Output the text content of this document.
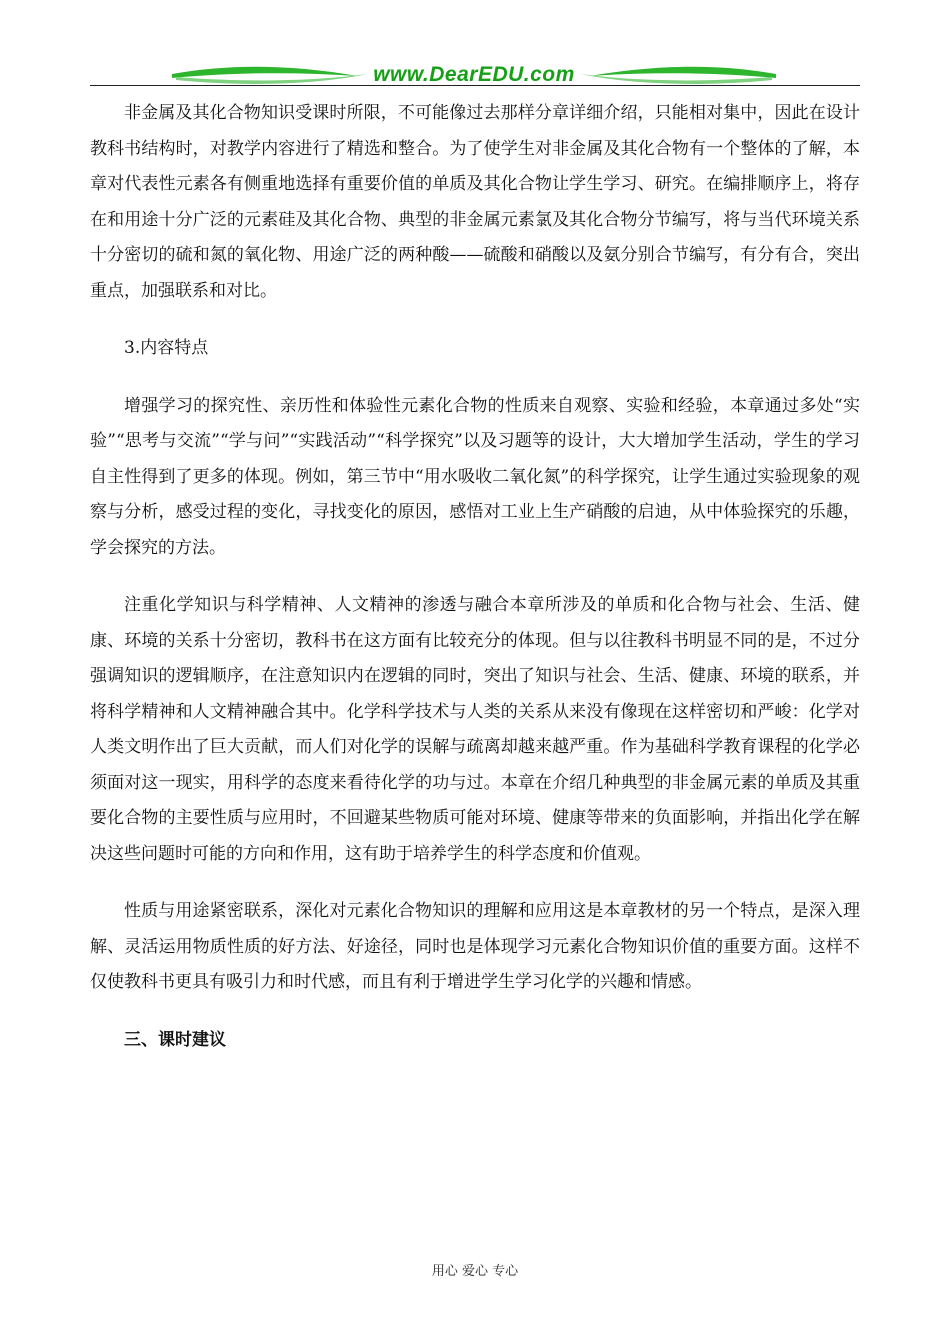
www.DearEDU.com

非金属及其化合物知识受课时所限，不可能像过去那样分章详细介绍，只能相对集中，因此在设计教科书结构时，对教学内容进行了精选和整合。为了使学生对非金属及其化合物有一个整体的了解，本章对代表性元素各有侧重地选择有重要价值的单质及其化合物让学生学习、研究。在编排顺序上，将存在和用途十分广泛的元素硅及其化合物、典型的非金属元素氯及其化合物分节编写，将与当代环境关系十分密切的硫和氮的氧化物、用途广泛的两种酸——硫酸和硝酸以及氨分别合节编写，有分有合，突出重点，加强联系和对比。

3.内容特点

增强学习的探究性、亲历性和体验性元素化合物的性质来自观察、实验和经验，本章通过多处“实验”“思考与交流”“学与问”“实践活动”“科学探究”以及习题等的设计，大大增加学生活动，学生的学习自主性得到了更多的体现。例如，第三节中“用水吸收二氧化氮”的科学探究，让学生通过实验现象的观察与分析，感受过程的变化，寻找变化的原因，感悟对工业上生产硝酸的启迪，从中体验探究的乐趣，学会探究的方法。

注重化学知识与科学精神、人文精神的渗透与融合本章所涉及的单质和化合物与社会、生活、健康、环境的关系十分密切，教科书在这方面有比较充分的体现。但与以往教科书明显不同的是，不过分强调知识的逻辑顺序，在注意知识内在逻辑的同时，突出了知识与社会、生活、健康、环境的联系，并将科学精神和人文精神融合其中。化学科学技术与人类的关系从来没有像现在这样密切和严峻：化学对人类文明作出了巨大贡献，而人们对化学的误解与疏离却越来越严重。作为基础科学教育课程的化学必须面对这一现实，用科学的态度来看待化学的功与过。本章在介绍几种典型的非金属元素的单质及其重要化合物的主要性质与应用时，不回避某些物质可能对环境、健康等带来的负面影响，并指出化学在解决这些问题时可能的方向和作用，这有助于培养学生的科学态度和价值观。

性质与用途紧密联系，深化对元素化合物知识的理解和应用这是本章教材的另一个特点，是深入理解、灵活运用物质性质的好方法、好途径，同时也是体现学习元素化合物知识价值的重要方面。这样不仅使教科书更具有吸引力和时代感，而且有利于增进学生学习化学的兴趣和情感。

三、课时建议

用心 爱心 专心
